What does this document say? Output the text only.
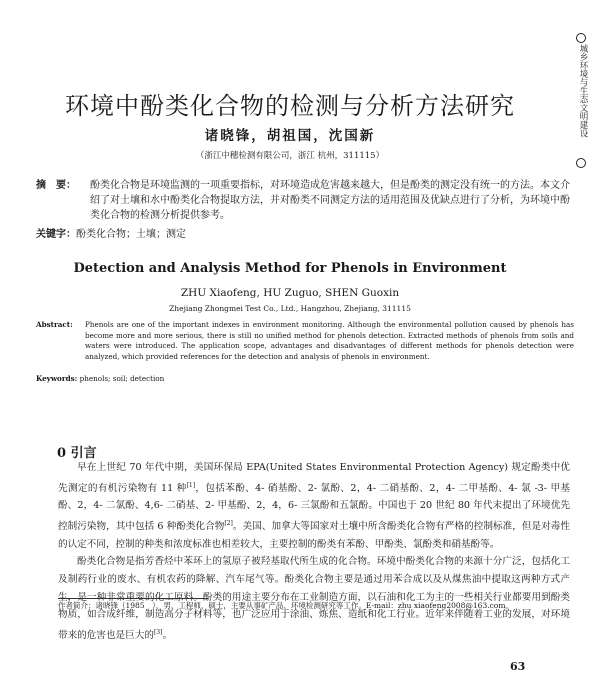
环境中酚类化合物的检测与分析方法研究
诸晓锋，胡祖国，沈国新
（浙江中穗检测有限公司，浙江 杭州，311115）
摘　要：	酚类化合物是环境监测的一项重要指标，对环境造成危害越来越大，但是酚类的测定没有统一的方法。本文介绍了对土壤和水中酚类化合物提取方法，并对酚类不同测定方法的适用范围及优缺点进行了分析，为环境中酚类化合物的检测分析提供参考。
关键字：酚类化合物；土壤；测定
Detection and Analysis Method for Phenols in Environment
ZHU Xiaofeng, HU Zuguo, SHEN Guoxin
Zhejiang Zhongmei Test Co., Ltd., Hangzhou, Zhejiang, 311115
Abstract: Phenols are one of the important indexes in environment monitoring. Although the environmental pollution caused by phenols has become more and more serious, there is still no unified method for phenols detection. Extracted methods of phenols from soils and waters were introduced. The application scope, advantages and disadvantages of different methods for phenols detection were analyzed, which provided references for the detection and analysis of phenols in environment.
Keywords: phenols; soil; detection
0 引言

早在上世纪 70 年代中期，美国环保局 EPA(United States Environmental Protection Agency) 规定酚类中优先测定的有机污染物有 11 种[1]，包括苯酚、4- 硝基酚、2- 氯酚、2，4- 二硝基酚、2，4- 二甲基酚、4- 氯 -3- 甲基酚、2，4- 二氯酚、4,6- 二硝基、2- 甲基酚、2，4，6- 三氯酚和五氯酚。中国也于 20 世纪 80 年代末提出了环境优先控制污染物，其中包括 6 种酚类化合物[2]。美国、加拿大等国家对土壤中所含酚类化合物有严格的控制标准，但是对毒性的认定不同，控制的种类和浓度标准也相差较大，主要控制的酚类有苯酚、甲酚类、氯酚类和硝基酚等。

酚类化合物是指芳香烃中苯环上的氢原子被羟基取代所生成的化合物。环境中酚类化合物的来源十分广泛，包括化工及制药行业的废水、有机农药的降解、汽车尾气等。酚类化合物主要是通过用苯合成以及从煤焦油中提取这两种方式产生，是一种非常重要的化工原料。酚类的用途主要分布在工业制造方面，以石油和化工为主的一些相关行业都要用到酚类物质，如合成纤维，制造高分子材料等，也广泛应用于涂油、炼焦、造纸和化工行业。近年来伴随着工业的发展，对环境带来的危害也是巨大的[3]。

作者简介：诸晓锋（1985　），男，工程师，硕士，主要从事矿产品、环境检测研究等工作。E-mail：zhu xiaofeng2008@163.com。
63
城乡环境与生态文明建设
